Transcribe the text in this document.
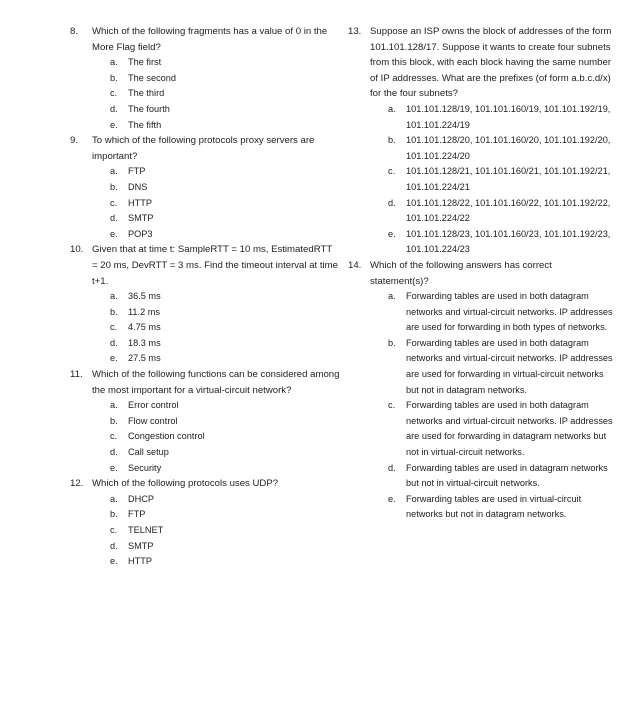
8.	Which of the following fragments has a value of 0 in the More Flag field?
a.	The first
b.	The second
c.	The third
d.	The fourth
e.	The fifth
9.	To which of the following protocols proxy servers are important?
a.	FTP
b.	DNS
c.	HTTP
d.	SMTP
e.	POP3
10. Given that at time t: SampleRTT = 10 ms, EstimatedRTT = 20 ms, DevRTT = 3 ms. Find the timeout interval at time t+1.
a.	36.5 ms
b.	11.2 ms
c.	4.75 ms
d.	18.3 ms
e.	27.5 ms
11. Which of the following functions can be considered among the most important for a virtual-circuit network?
a.	Error control
b.	Flow control
c.	Congestion control
d.	Call setup
e.	Security
12. Which of the following protocols uses UDP?
a.	DHCP
b.	FTP
c.	TELNET
d.	SMTP
e.	HTTP
13. Suppose an ISP owns the block of addresses of the form 101.101.128/17. Suppose it wants to create four subnets from this block, with each block having the same number of IP addresses. What are the prefixes (of form a.b.c.d/x) for the four subnets?
a.	101.101.128/19, 101.101.160/19, 101.101.192/19, 101.101.224/19
b.	101.101.128/20, 101.101.160/20, 101.101.192/20, 101.101.224/20
c.	101.101.128/21, 101.101.160/21, 101.101.192/21, 101.101.224/21
d.	101.101.128/22, 101.101.160/22, 101.101.192/22, 101.101.224/22
e.	101.101.128/23, 101.101.160/23, 101.101.192/23, 101.101.224/23
14. Which of the following answers has correct statement(s)?
a.	Forwarding tables are used in both datagram networks and virtual-circuit networks. IP addresses are used for forwarding in both types of networks.
b.	Forwarding tables are used in both datagram networks and virtual-circuit networks. IP addresses are used for forwarding in virtual-circuit networks but not in datagram networks.
c.	Forwarding tables are used in both datagram networks and virtual-circuit networks. IP addresses are used for forwarding in datagram networks but not in virtual-circuit networks.
d.	Forwarding tables are used in datagram networks but not in virtual-circuit networks.
e.	Forwarding tables are used in virtual-circuit networks but not in datagram networks.
